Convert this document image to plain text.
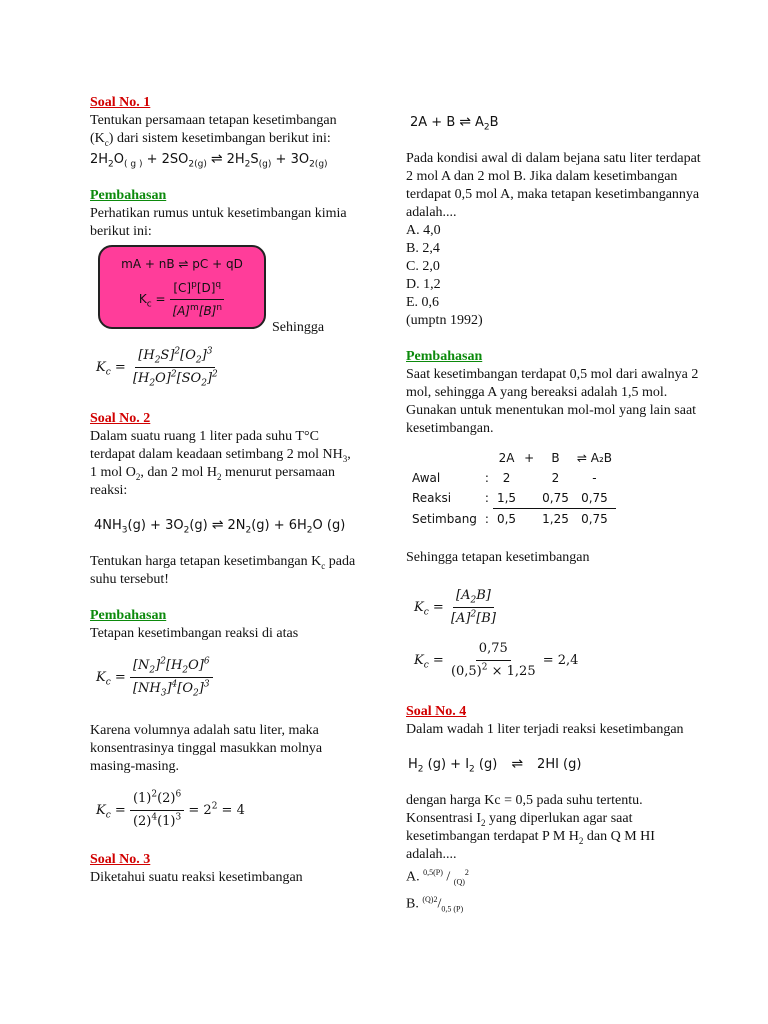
Soal No. 1

Tentukan persamaan tetapan kesetimbangan $(K_c)$ dari sistem kesetimbangan berikut ini:

$2H_2O_{( g )} + 2SO_{2(g)}$ ⇌ $2H_2S_{(g)} + 3O_{2(g)}$

Pembahasan

Perhatikan rumus untuk kesetimbangan kimia berikut ini:

mA + nB ⇌ pC + qD
$K_c = \frac{[C]^p[D]^q}{[A]^m[B]^n}$
Sehingga
$K_c = \frac{[H_2S]^2[O_2]^3}{[H_2O]^2[SO_2]^2}$

Soal No. 2

Dalam suatu ruang 1 liter pada suhu T°C terdapat dalam keadaan setimbang 2 mol $NH_3$, 1 mol $O_2$, dan 2 mol $H_2$ menurut persamaan reaksi:

$4NH_3(g) + 3O_2(g)$ ⇌ $2N_2(g) + 6H_2O$ (g)

Tentukan harga tetapan kesetimbangan $K_c$ pada suhu tersebut!

Pembahasan

Tetapan kesetimbangan reaksi di atas

$K_c = \frac{[N_2]^2[H_2O]^6}{[NH_3]^4[O_2]^3}$

Karena volumnya adalah satu liter, maka konsentrasinya tinggal masukkan molnya masing-masing.

$K_c = \frac{(1)^2(2)^6}{(2)^4(1)^3} = 2^2 = 4$

Soal No. 3

Diketahui suatu reaksi kesetimbangan

2A + B ⇌ $A_2B$

Pada kondisi awal di dalam bejana satu liter terdapat 2 mol A dan 2 mol B. Jika dalam kesetimbangan terdapat 0,5 mol A, maka tetapan kesetimbangannya adalah....

A. 4,0

B. 2,4

C. 2,0

D. 1,2

E. 0,6

(umptn 1992)

Pembahasan

Saat kesetimbangan terdapat 0,5 mol dari awalnya 2 mol, sehingga A yang bereaksi adalah 1,5 mol. Gunakan untuk menentukan mol-mol yang lain saat kesetimbangan.

		2A	+	B	⇌ A₂B
Awal	:	2		2	-
Reaksi	:	1,5		0,75	0,75
Setimbang	:	0,5		1,25	0,75

Sehingga tetapan kesetimbangan

$K_c = \frac{[A_2B]}{[A]^2[B]}$
$K_c = \frac{0,75}{(0,5)^2 \times 1,25} = 2,4$

Soal No. 4

Dalam wadah 1 liter terjadi reaksi kesetimbangan

$H_2$ $(g) + I_2$ (g) ⇌ 2HI (g)

dengan harga Kc = 0,5 pada suhu tertentu.

Konsentrasi $I_2$ yang diperlukan agar saat kesetimbangan terdapat P M $H_2$ dan Q M HI adalah....

A. $^{0,5(P)}$ / $_{(Q)}^2$

B. $^{(Q)2}/_{0,5 (P)}$
